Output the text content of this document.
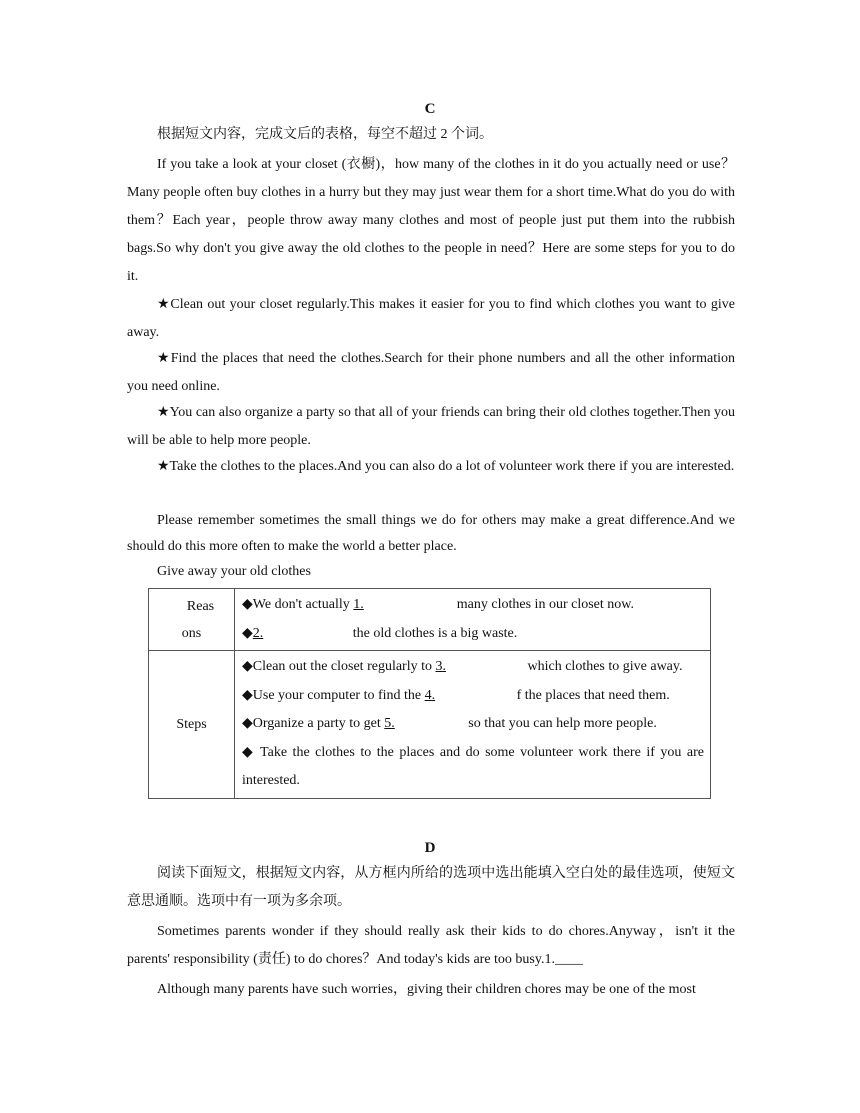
C

根据短文内容，完成文后的表格，每空不超过 2 个词。

If you take a look at your closet (衣橱)，how many of the clothes in it do you actually need or use？Many people often buy clothes in a hurry but they may just wear them for a short time.What do you do with them？Each year，people throw away many clothes and most of people just put them into the rubbish bags.So why don't you give away the old clothes to the people in need？Here are some steps for you to do it.

★Clean out your closet regularly.This makes it easier for you to find which clothes you want to give away.

★Find the places that need the clothes.Search for their phone numbers and all the other information you need online.

★You can also organize a party so that all of your friends can bring their old clothes together.Then you will be able to help more people.

★Take the clothes to the places.And you can also do a lot of volunteer work there if you are interested.

Please remember sometimes the small things we do for others may make a great difference.And we should do this more often to make the world a better place.

Give away your old clothes
Reas
ons	◆We don't actually 1. many clothes in our closet now.
◆2. the old clothes is a big waste.

Steps	◆Clean out the closet regularly to 3. which clothes to give away.
◆Use your computer to find the 4. f the places that need them.
◆Organize a party to get 5. so that you can help more people.
◆ Take the clothes to the places and do some volunteer work there if you are
interested.
D

阅读下面短文，根据短文内容，从方框内所给的选项中选出能填入空白处的最佳选项，使短文意思通顺。选项中有一项为多余项。

Sometimes parents wonder if they should really ask their kids to do chores.Anyway，isn't it the parents' responsibility (责任) to do chores？And today's kids are too busy.1.____

Although many parents have such worries，giving their children chores may be one of the most
